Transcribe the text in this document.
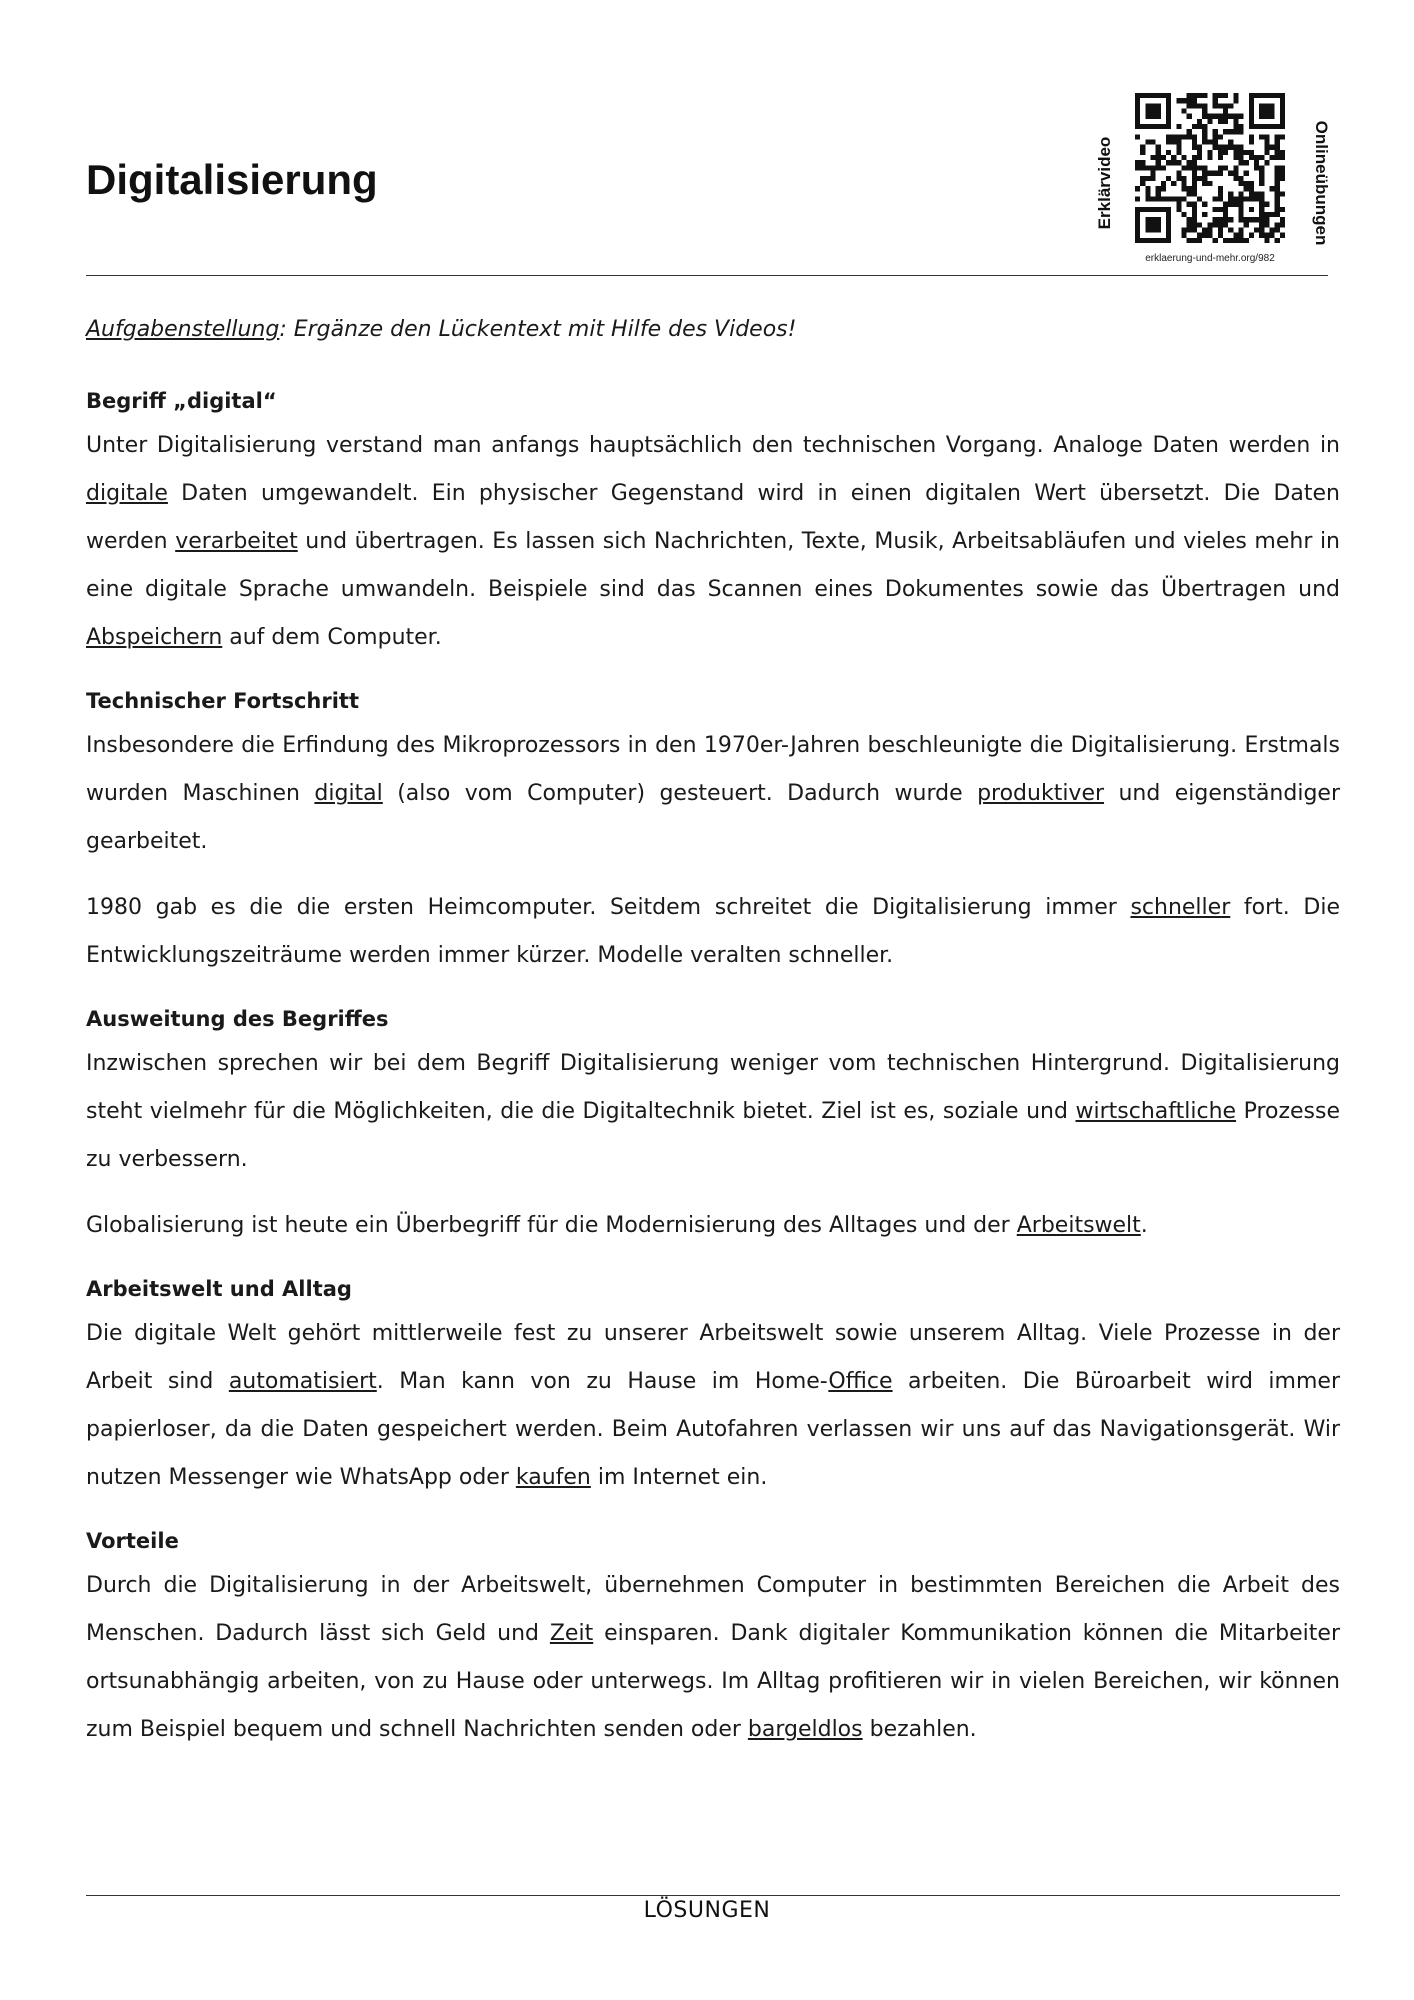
Digitalisierung	Erklärvideo	Onlineübungen
erklaerung-und-mehr.org/982

Aufgabenstellung: Ergänze den Lückentext mit Hilfe des Videos!

Begriff „digital“

Unter Digitalisierung verstand man anfangs hauptsächlich den technischen Vorgang. Analoge Daten werden in digitale Daten umgewandelt. Ein physischer Gegenstand wird in einen digitalen Wert übersetzt. Die Daten werden verarbeitet und übertragen. Es lassen sich Nachrichten, Texte, Musik, Arbeitsabläufen und vieles mehr in eine digitale Sprache umwandeln. Beispiele sind das Scannen eines Dokumentes sowie das Übertragen und Abspeichern auf dem Computer.

Technischer Fortschritt

Insbesondere die Erfindung des Mikroprozessors in den 1970er-Jahren beschleunigte die Digitalisierung. Erstmals wurden Maschinen digital (also vom Computer) gesteuert. Dadurch wurde produktiver und eigenständiger gearbeitet.

1980 gab es die die ersten Heimcomputer. Seitdem schreitet die Digitalisierung immer schneller fort. Die Entwicklungszeiträume werden immer kürzer. Modelle veralten schneller.

Ausweitung des Begriffes

Inzwischen sprechen wir bei dem Begriff Digitalisierung weniger vom technischen Hintergrund. Digitalisierung steht vielmehr für die Möglichkeiten, die die Digitaltechnik bietet. Ziel ist es, soziale und wirtschaftliche Prozesse zu verbessern.

Globalisierung ist heute ein Überbegriff für die Modernisierung des Alltages und der Arbeitswelt.

Arbeitswelt und Alltag

Die digitale Welt gehört mittlerweile fest zu unserer Arbeitswelt sowie unserem Alltag. Viele Prozesse in der Arbeit sind automatisiert. Man kann von zu Hause im Home-Office arbeiten. Die Büroarbeit wird immer papierloser, da die Daten gespeichert werden. Beim Autofahren verlassen wir uns auf das Navigationsgerät. Wir nutzen Messenger wie WhatsApp oder kaufen im Internet ein.

Vorteile

Durch die Digitalisierung in der Arbeitswelt, übernehmen Computer in bestimmten Bereichen die Arbeit des Menschen. Dadurch lässt sich Geld und Zeit einsparen. Dank digitaler Kommunikation können die Mitarbeiter ortsunabhängig arbeiten, von zu Hause oder unterwegs. Im Alltag profitieren wir in vielen Bereichen, wir können zum Beispiel bequem und schnell Nachrichten senden oder bargeldlos bezahlen.

LÖSUNGEN
